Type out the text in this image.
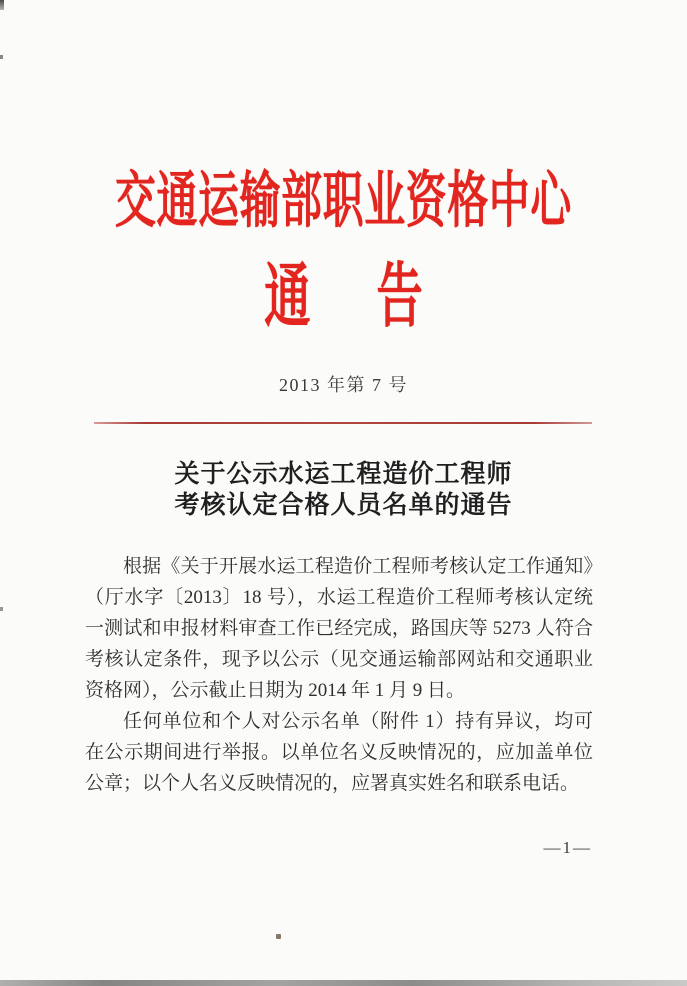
交通运输部职业资格中心
通 告
2013 年第 7 号
关于公示水运工程造价工程师
考核认定合格人员名单的通告

根据《关于开展水运工程造价工程师考核认定工作通知》（厅水字〔2013〕18 号），水运工程造价工程师考核认定统一测试和申报材料审查工作已经完成，路国庆等 5273 人符合考核认定条件，现予以公示（见交通运输部网站和交通职业资格网），公示截止日期为 2014 年 1 月 9 日。

任何单位和个人对公示名单（附件 1）持有异议，均可在公示期间进行举报。以单位名义反映情况的，应加盖单位公章；以个人名义反映情况的，应署真实姓名和联系电话。

—1—
